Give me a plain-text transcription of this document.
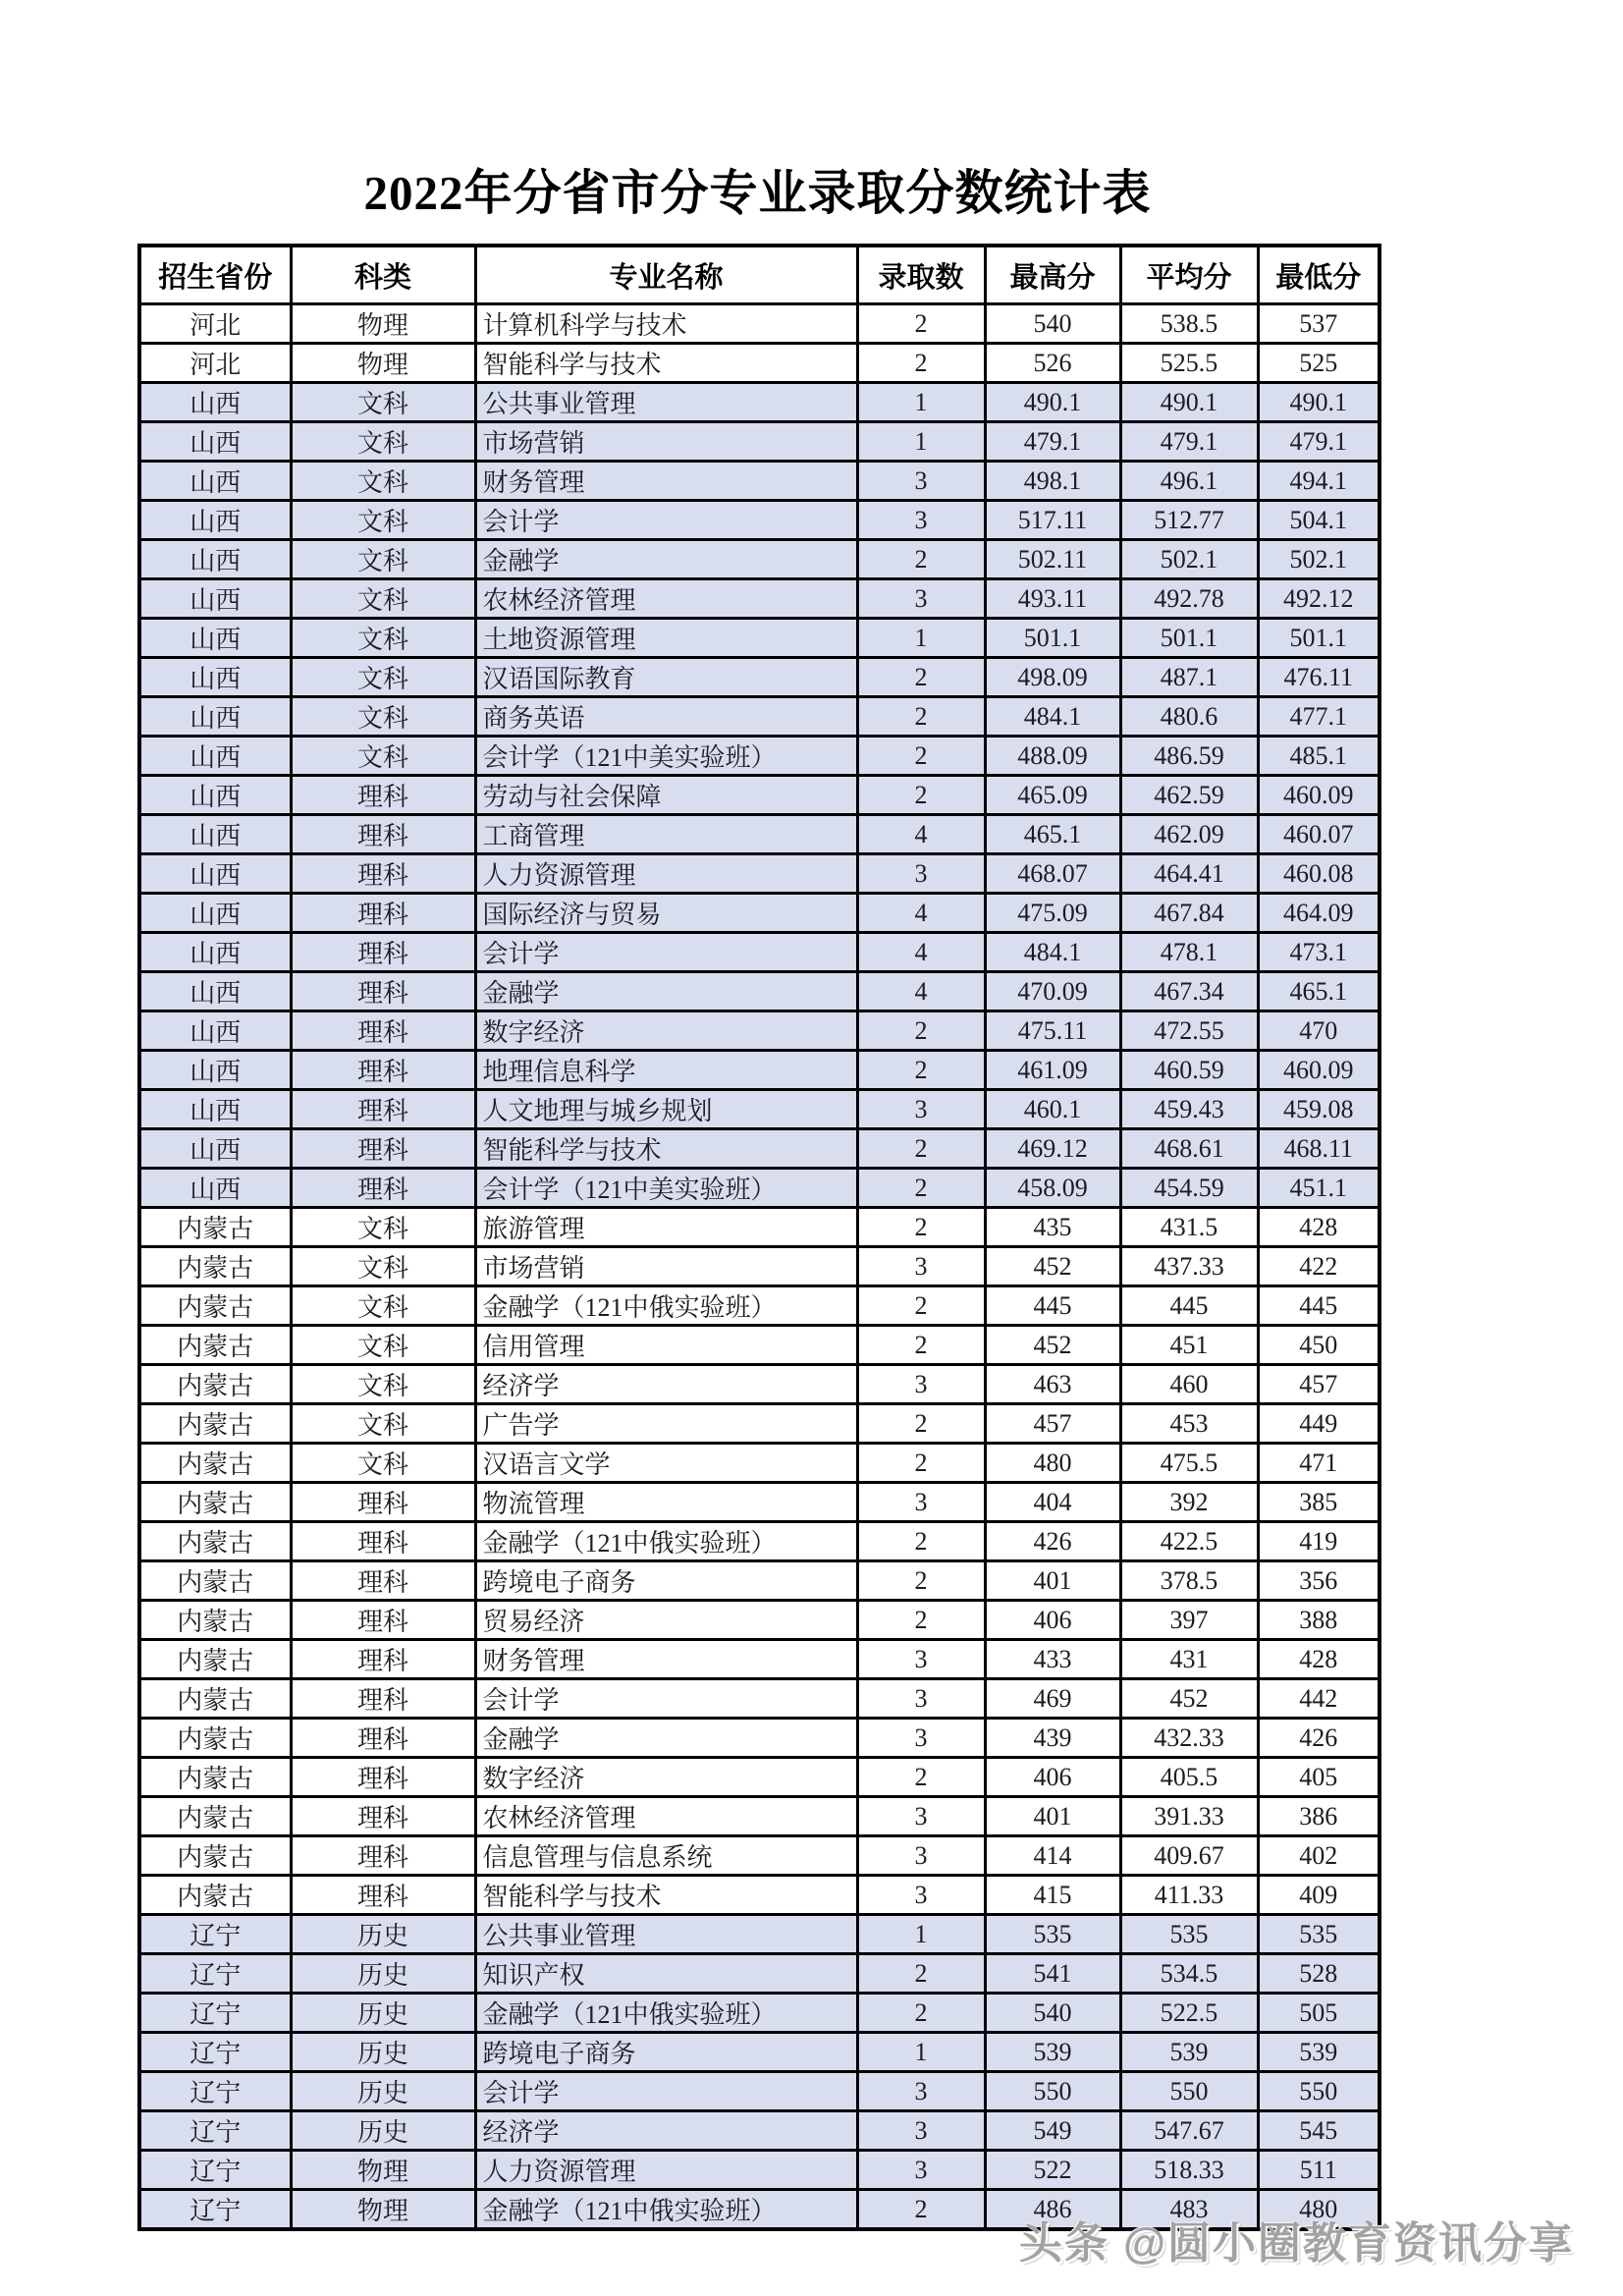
2022年分省市分专业录取分数统计表
招生省份	科类	专业名称	录取数	最高分	平均分	最低分
河北	物理	计算机科学与技术	2	540	538.5	537
河北	物理	智能科学与技术	2	526	525.5	525
山西	文科	公共事业管理	1	490.1	490.1	490.1
山西	文科	市场营销	1	479.1	479.1	479.1
山西	文科	财务管理	3	498.1	496.1	494.1
山西	文科	会计学	3	517.11	512.77	504.1
山西	文科	金融学	2	502.11	502.1	502.1
山西	文科	农林经济管理	3	493.11	492.78	492.12
山西	文科	土地资源管理	1	501.1	501.1	501.1
山西	文科	汉语国际教育	2	498.09	487.1	476.11
山西	文科	商务英语	2	484.1	480.6	477.1
山西	文科	会计学（121中美实验班）	2	488.09	486.59	485.1
山西	理科	劳动与社会保障	2	465.09	462.59	460.09
山西	理科	工商管理	4	465.1	462.09	460.07
山西	理科	人力资源管理	3	468.07	464.41	460.08
山西	理科	国际经济与贸易	4	475.09	467.84	464.09
山西	理科	会计学	4	484.1	478.1	473.1
山西	理科	金融学	4	470.09	467.34	465.1
山西	理科	数字经济	2	475.11	472.55	470
山西	理科	地理信息科学	2	461.09	460.59	460.09
山西	理科	人文地理与城乡规划	3	460.1	459.43	459.08
山西	理科	智能科学与技术	2	469.12	468.61	468.11
山西	理科	会计学（121中美实验班）	2	458.09	454.59	451.1
内蒙古	文科	旅游管理	2	435	431.5	428
内蒙古	文科	市场营销	3	452	437.33	422
内蒙古	文科	金融学（121中俄实验班）	2	445	445	445
内蒙古	文科	信用管理	2	452	451	450
内蒙古	文科	经济学	3	463	460	457
内蒙古	文科	广告学	2	457	453	449
内蒙古	文科	汉语言文学	2	480	475.5	471
内蒙古	理科	物流管理	3	404	392	385
内蒙古	理科	金融学（121中俄实验班）	2	426	422.5	419
内蒙古	理科	跨境电子商务	2	401	378.5	356
内蒙古	理科	贸易经济	2	406	397	388
内蒙古	理科	财务管理	3	433	431	428
内蒙古	理科	会计学	3	469	452	442
内蒙古	理科	金融学	3	439	432.33	426
内蒙古	理科	数字经济	2	406	405.5	405
内蒙古	理科	农林经济管理	3	401	391.33	386
内蒙古	理科	信息管理与信息系统	3	414	409.67	402
内蒙古	理科	智能科学与技术	3	415	411.33	409
辽宁	历史	公共事业管理	1	535	535	535
辽宁	历史	知识产权	2	541	534.5	528
辽宁	历史	金融学（121中俄实验班）	2	540	522.5	505
辽宁	历史	跨境电子商务	1	539	539	539
辽宁	历史	会计学	3	550	550	550
辽宁	历史	经济学	3	549	547.67	545
辽宁	物理	人力资源管理	3	522	518.33	511
辽宁	物理	金融学（121中俄实验班）	2	486	483	480
头条 @圆小圈教育资讯分享
